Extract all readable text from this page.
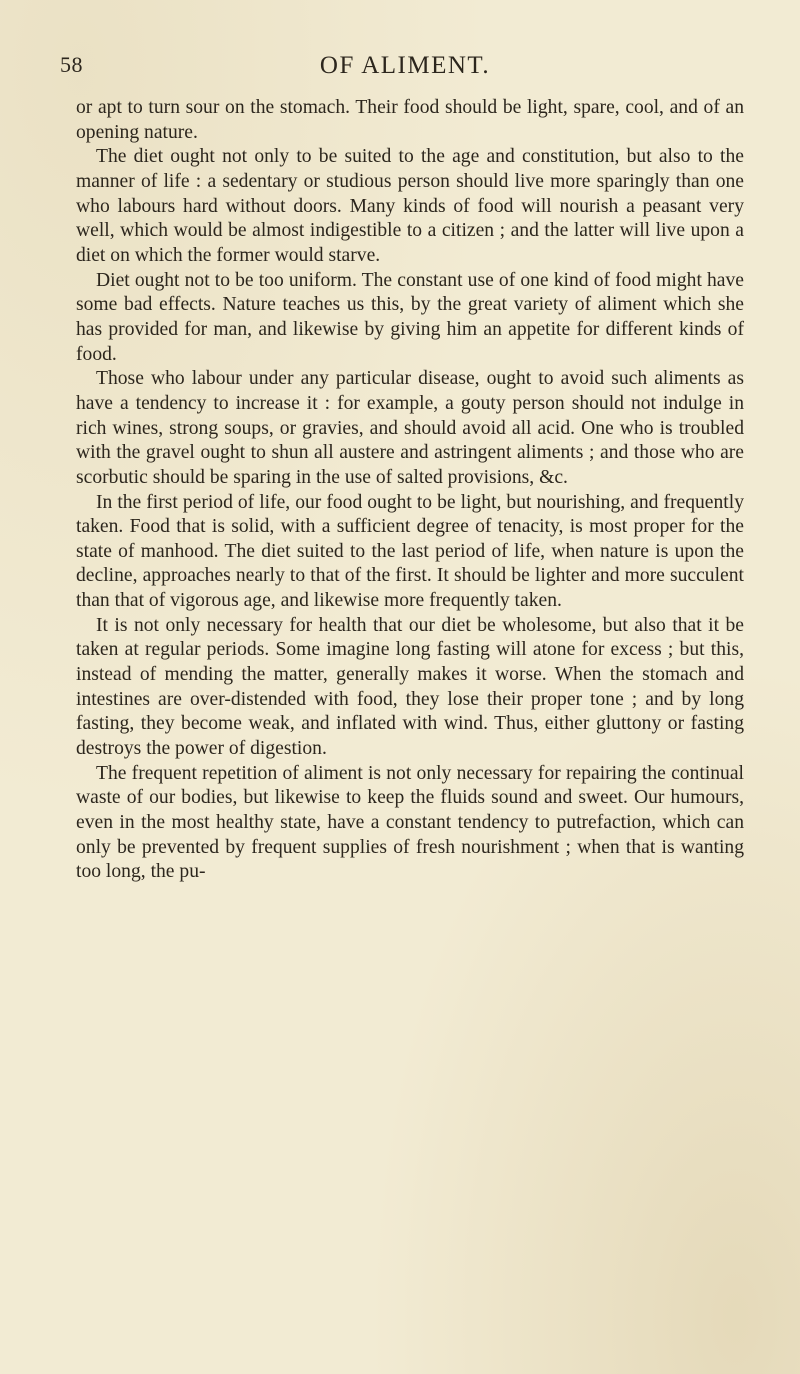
58	OF ALIMENT.

or apt to turn sour on the stomach. Their food should be light, spare, cool, and of an opening nature.

The diet ought not only to be suited to the age and constitution, but also to the manner of life : a sedentary or studious person should live more sparingly than one who labours hard without doors. Many kinds of food will nourish a peasant very well, which would be almost indigestible to a citizen ; and the latter will live upon a diet on which the former would starve.

Diet ought not to be too uniform. The constant use of one kind of food might have some bad effects. Nature teaches us this, by the great variety of aliment which she has provided for man, and likewise by giving him an appetite for different kinds of food.

Those who labour under any particular disease, ought to avoid such aliments as have a tendency to increase it : for example, a gouty person should not indulge in rich wines, strong soups, or gravies, and should avoid all acid. One who is troubled with the gravel ought to shun all austere and astringent aliments ; and those who are scorbutic should be sparing in the use of salted provisions, &c.

In the first period of life, our food ought to be light, but nourishing, and frequently taken. Food that is solid, with a sufficient degree of tenacity, is most proper for the state of manhood. The diet suited to the last period of life, when nature is upon the decline, approaches nearly to that of the first. It should be lighter and more succulent than that of vigorous age, and likewise more frequently taken.

It is not only necessary for health that our diet be wholesome, but also that it be taken at regular periods. Some imagine long fasting will atone for excess ; but this, instead of mending the matter, generally makes it worse. When the stomach and intestines are over-distended with food, they lose their proper tone ; and by long fasting, they become weak, and inflated with wind. Thus, either gluttony or fasting destroys the power of digestion.

The frequent repetition of aliment is not only necessary for repairing the continual waste of our bodies, but likewise to keep the fluids sound and sweet. Our humours, even in the most healthy state, have a constant tendency to putrefaction, which can only be prevented by frequent supplies of fresh nourishment ; when that is wanting too long, the pu-
